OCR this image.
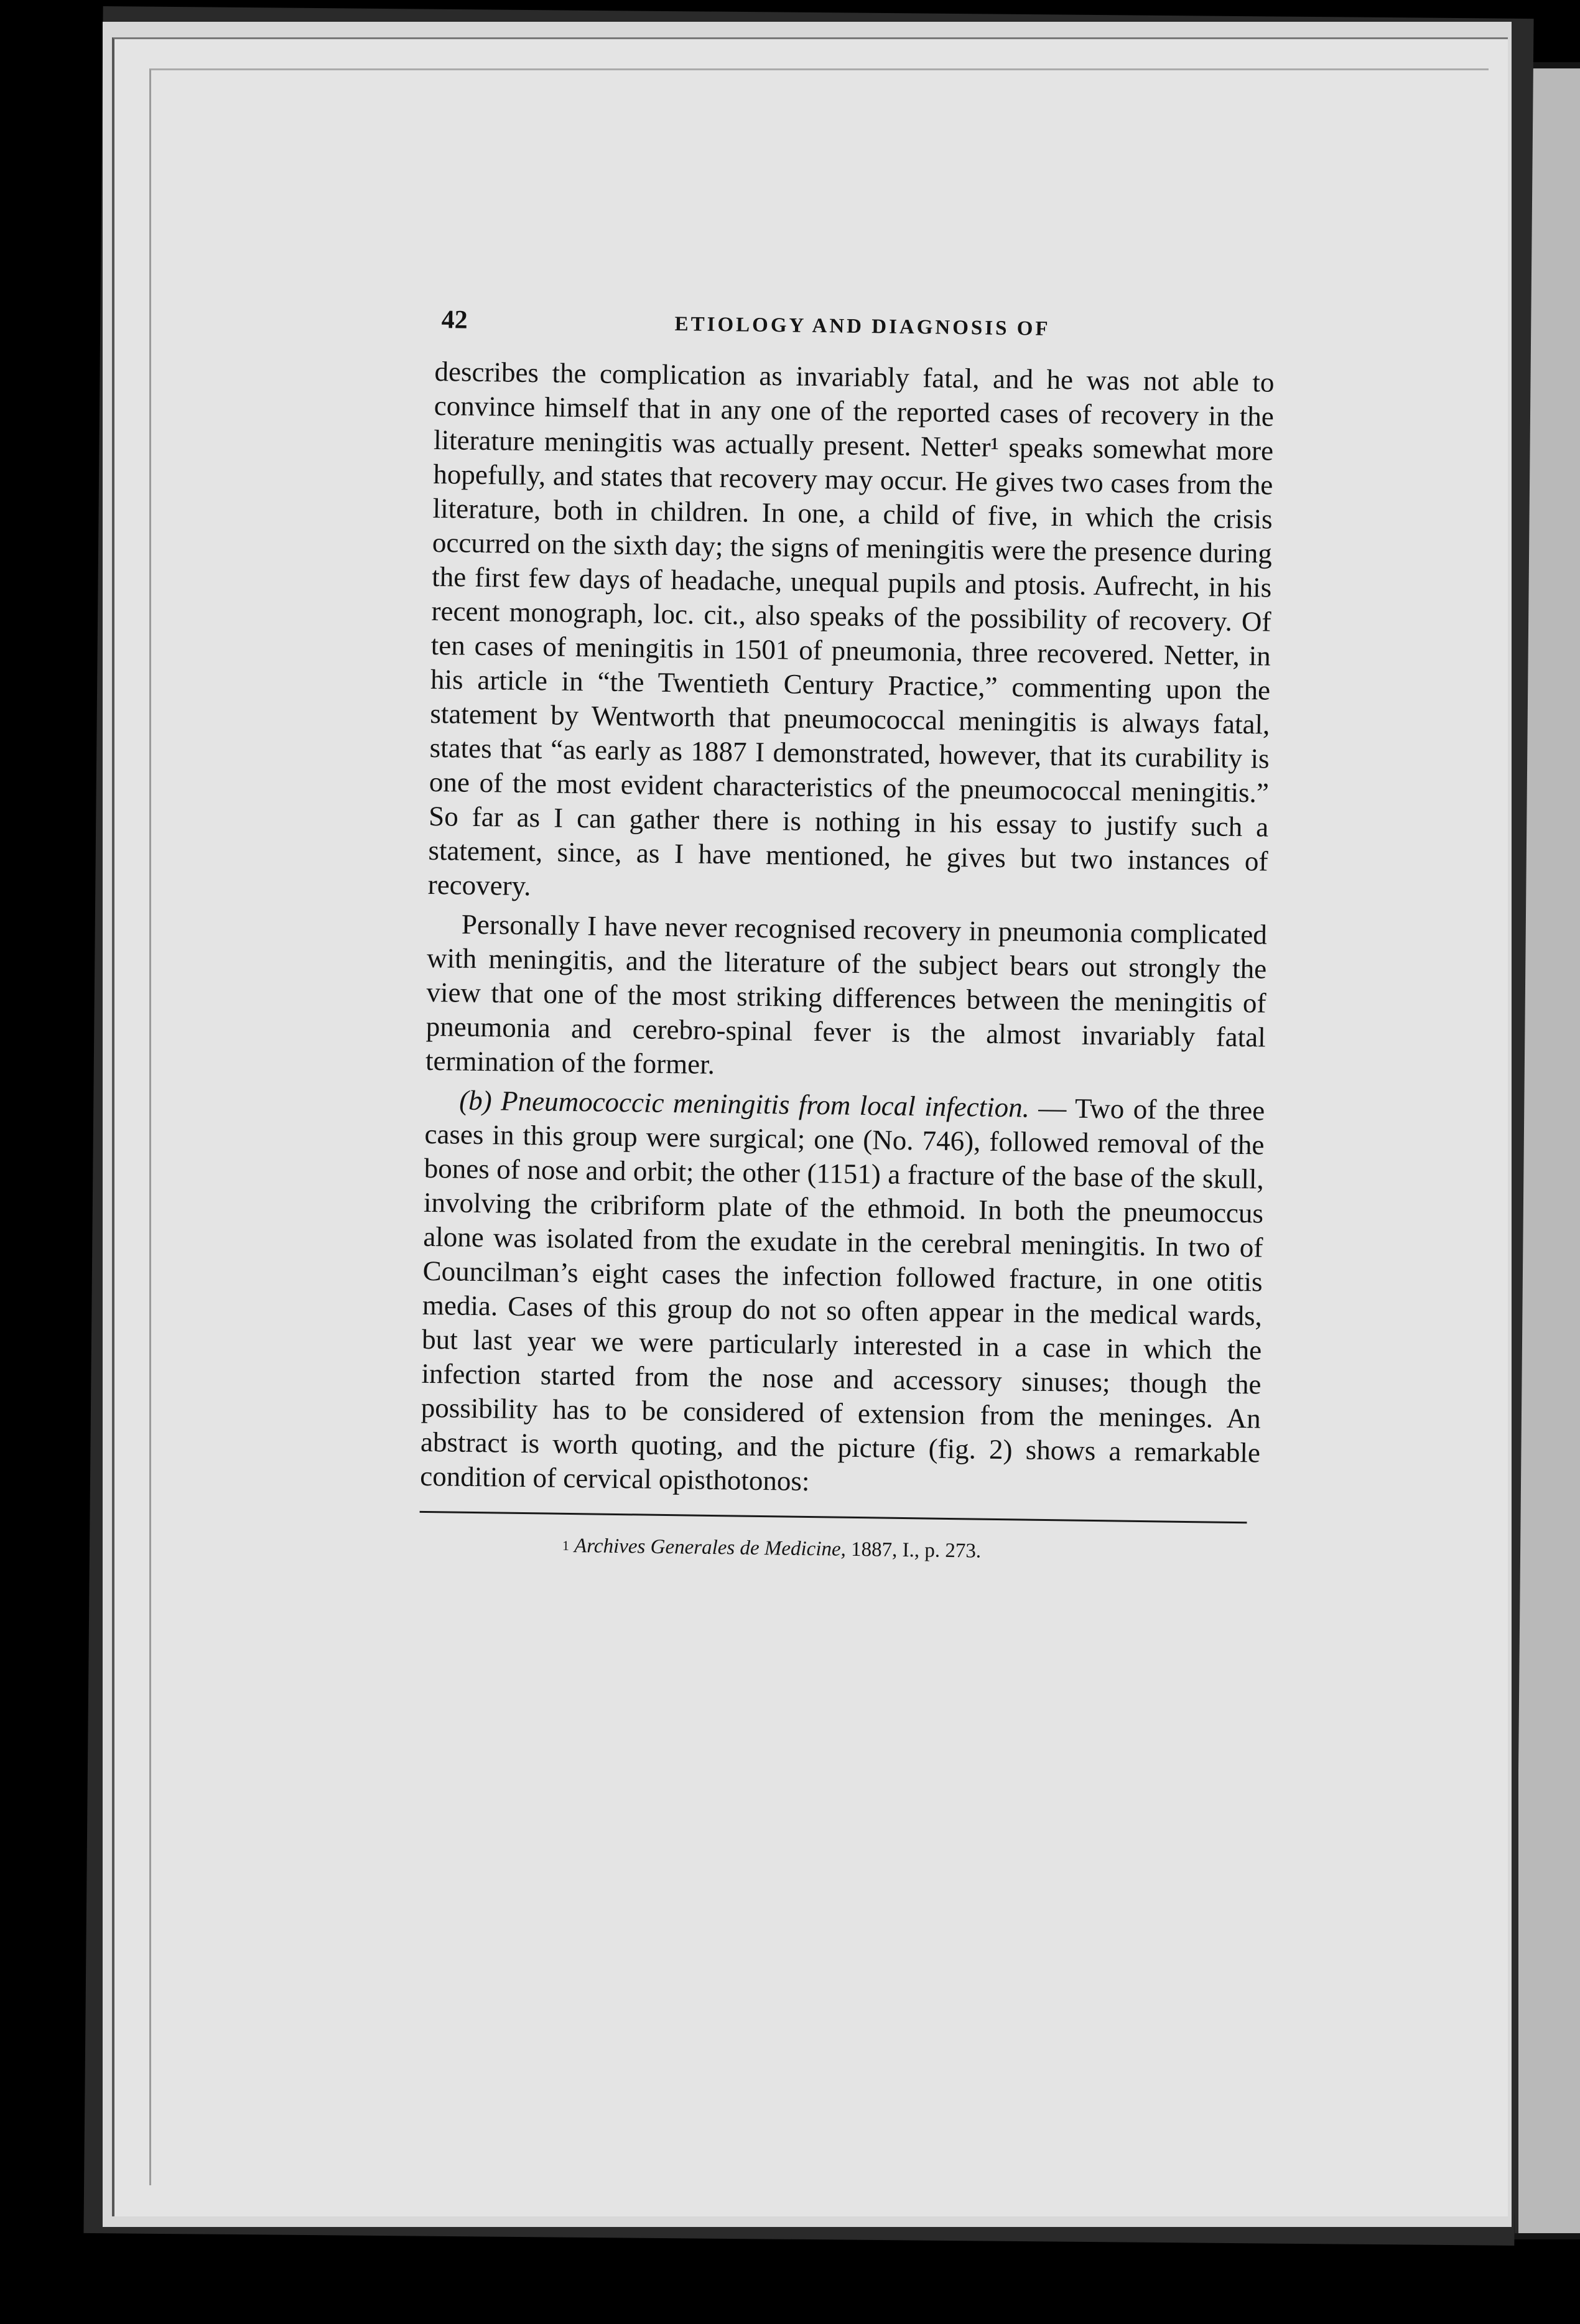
42	ETIOLOGY AND DIAGNOSIS OF

describes the complication as invariably fatal, and he was not able to convince himself that in any one of the reported cases of recovery in the literature meningitis was actually present. Netter¹ speaks somewhat more hopefully, and states that recovery may occur. He gives two cases from the literature, both in children. In one, a child of five, in which the crisis occurred on the sixth day; the signs of meningitis were the presence during the first few days of headache, unequal pupils and ptosis. Aufrecht, in his recent monograph, loc. cit., also speaks of the possibility of recovery. Of ten cases of meningitis in 1501 of pneumonia, three recovered. Netter, in his article in “the Twentieth Century Practice,” commenting upon the statement by Wentworth that pneumococcal meningitis is always fatal, states that “as early as 1887 I demonstrated, however, that its curability is one of the most evident characteristics of the pneumococcal meningitis.” So far as I can gather there is nothing in his essay to justify such a statement, since, as I have mentioned, he gives but two instances of recovery.

Personally I have never recognised recovery in pneumonia complicated with meningitis, and the literature of the subject bears out strongly the view that one of the most striking differences between the meningitis of pneumonia and cerebro-spinal fever is the almost invariably fatal termination of the former.

(b) Pneumococcic meningitis from local infection. — Two of the three cases in this group were surgical; one (No. 746), followed removal of the bones of nose and orbit; the other (1151) a fracture of the base of the skull, involving the cribriform plate of the ethmoid. In both the pneumoccus alone was isolated from the exudate in the cerebral meningitis. In two of Councilman’s eight cases the infection followed fracture, in one otitis media. Cases of this group do not so often appear in the medical wards, but last year we were particularly interested in a case in which the infection started from the nose and accessory sinuses; though the possibility has to be considered of extension from the meninges. An abstract is worth quoting, and the picture (fig. 2) shows a remarkable condition of cervical opisthotonos:

$^1$ Archives Generales de Medicine, 1887, I., p. 273.
